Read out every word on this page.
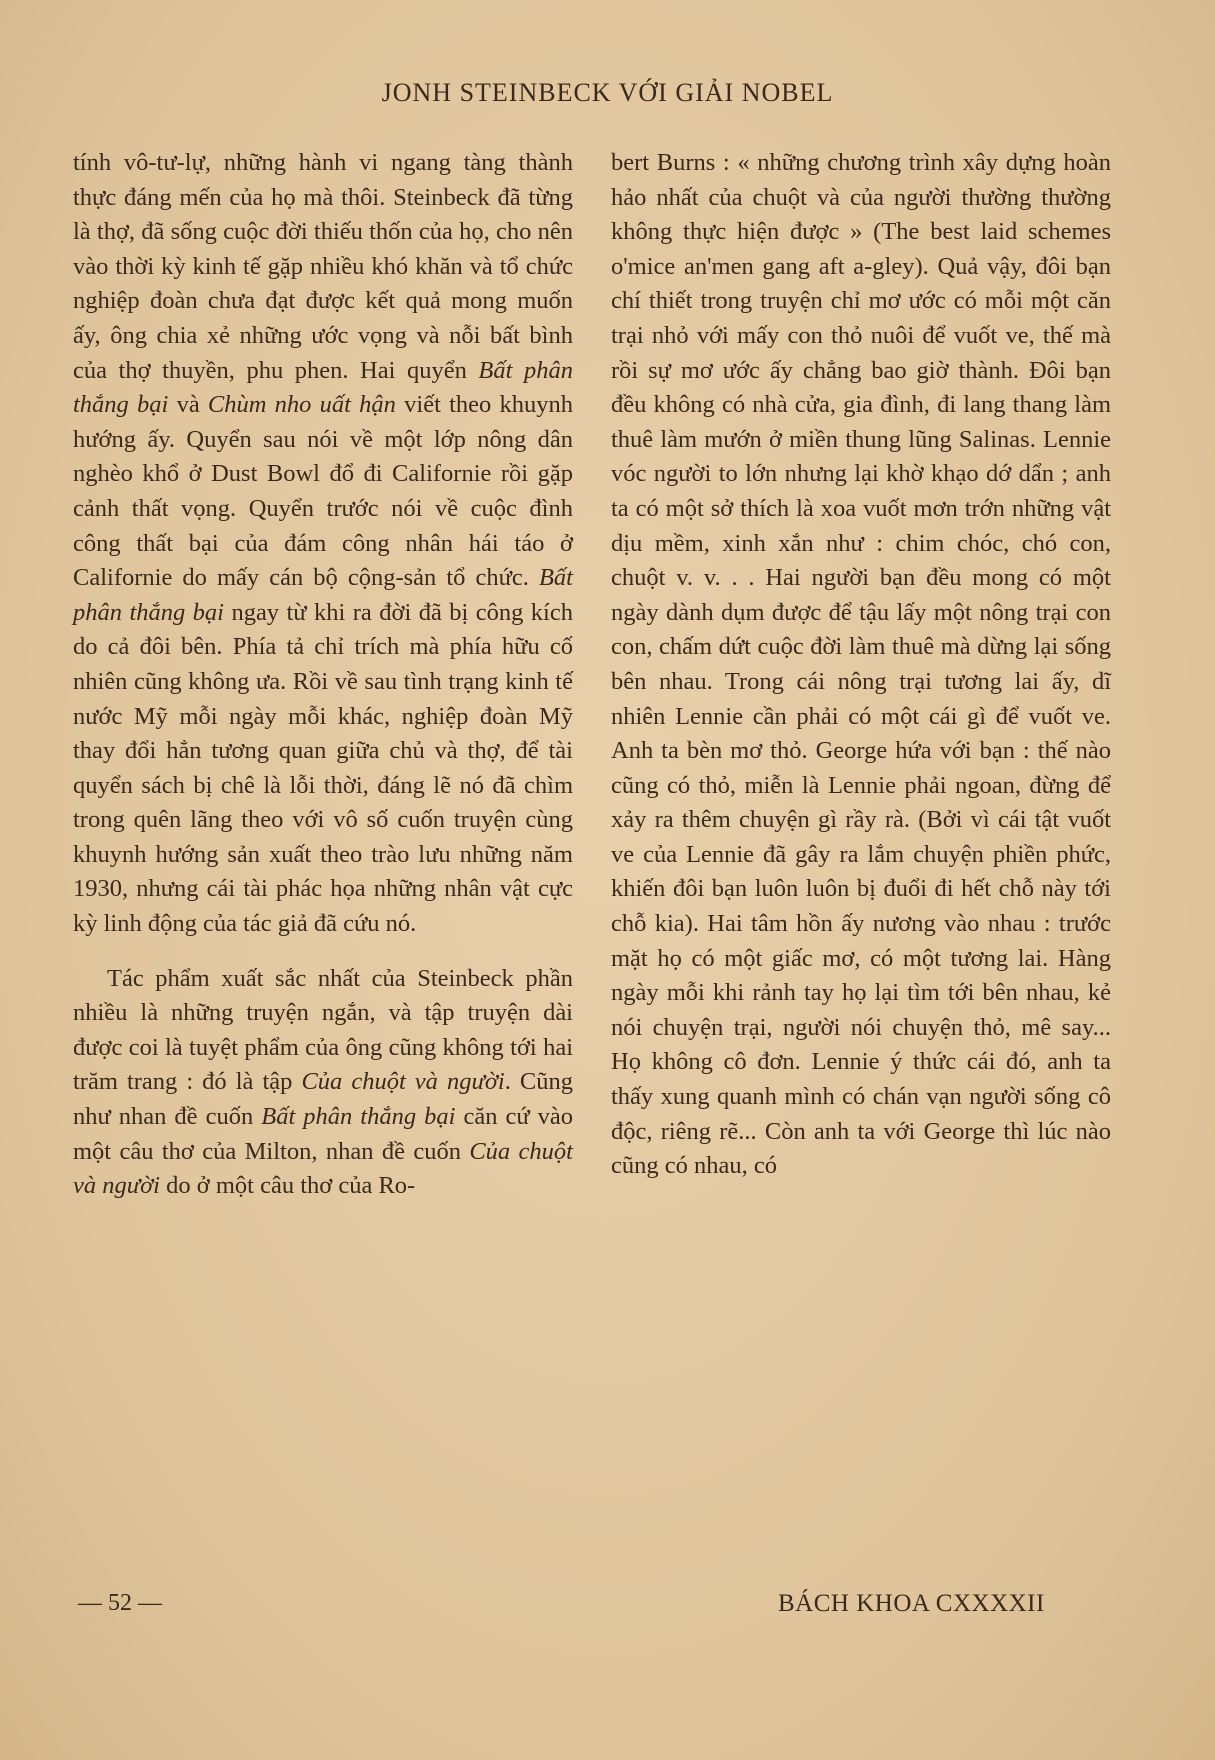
JONH STEINBECK VỚI GIẢI NOBEL

tính vô-tư-lự, những hành vi ngang tàng thành thực đáng mến của họ mà thôi. Steinbeck đã từng là thợ, đã sống cuộc đời thiếu thốn của họ, cho nên vào thời kỳ kinh tế gặp nhiều khó khăn và tổ chức nghiệp đoàn chưa đạt được kết quả mong muốn ấy, ông chia xẻ những ước vọng và nỗi bất bình của thợ thuyền, phu phen. Hai quyển Bất phân thắng bại và Chùm nho uất hận viết theo khuynh hướng ấy. Quyển sau nói về một lớp nông dân nghèo khổ ở Dust Bowl đổ đi Californie rồi gặp cảnh thất vọng. Quyển trước nói về cuộc đình công thất bại của đám công nhân hái táo ở Californie do mấy cán bộ cộng-sản tổ chức. Bất phân thắng bại ngay từ khi ra đời đã bị công kích do cả đôi bên. Phía tả chỉ trích mà phía hữu cố nhiên cũng không ưa. Rồi về sau tình trạng kinh tế nước Mỹ mỗi ngày mỗi khác, nghiệp đoàn Mỹ thay đổi hẳn tương quan giữa chủ và thợ, để tài quyển sách bị chê là lỗi thời, đáng lẽ nó đã chìm trong quên lãng theo với vô số cuốn truyện cùng khuynh hướng sản xuất theo trào lưu những năm 1930, nhưng cái tài phác họa những nhân vật cực kỳ linh động của tác giả đã cứu nó.

Tác phẩm xuất sắc nhất của Steinbeck phần nhiều là những truyện ngắn, và tập truyện dài được coi là tuyệt phẩm của ông cũng không tới hai trăm trang : đó là tập Của chuột và người. Cũng như nhan đề cuốn Bất phân thắng bại căn cứ vào một câu thơ của Milton, nhan đề cuốn Của chuột và người do ở một câu thơ của Ro-

bert Burns : « những chương trình xây dựng hoàn hảo nhất của chuột và của người thường thường không thực hiện được » (The best laid schemes o'mice an'men gang aft a-gley). Quả vậy, đôi bạn chí thiết trong truyện chỉ mơ ước có mỗi một căn trại nhỏ với mấy con thỏ nuôi để vuốt ve, thế mà rồi sự mơ ước ấy chẳng bao giờ thành. Đôi bạn đều không có nhà cửa, gia đình, đi lang thang làm thuê làm mướn ở miền thung lũng Salinas. Lennie vóc người to lớn nhưng lại khờ khạo dớ dẩn ; anh ta có một sở thích là xoa vuốt mơn trớn những vật dịu mềm, xinh xắn như : chim chóc, chó con, chuột v. v. . . Hai người bạn đều mong có một ngày dành dụm được để tậu lấy một nông trại con con, chấm dứt cuộc đời làm thuê mà dừng lại sống bên nhau. Trong cái nông trại tương lai ấy, dĩ nhiên Lennie cần phải có một cái gì để vuốt ve. Anh ta bèn mơ thỏ. George hứa với bạn : thế nào cũng có thỏ, miễn là Lennie phải ngoan, đừng để xảy ra thêm chuyện gì rầy rà. (Bởi vì cái tật vuốt ve của Lennie đã gây ra lắm chuyện phiền phức, khiến đôi bạn luôn luôn bị đuổi đi hết chỗ này tới chỗ kia). Hai tâm hồn ấy nương vào nhau : trước mặt họ có một giấc mơ, có một tương lai. Hàng ngày mỗi khi rảnh tay họ lại tìm tới bên nhau, kẻ nói chuyện trại, người nói chuyện thỏ, mê say... Họ không cô đơn. Lennie ý thức cái đó, anh ta thấy xung quanh mình có chán vạn người sống cô độc, riêng rẽ... Còn anh ta với George thì lúc nào cũng có nhau, có

— 52 —	BÁCH KHOA CXXXXII
